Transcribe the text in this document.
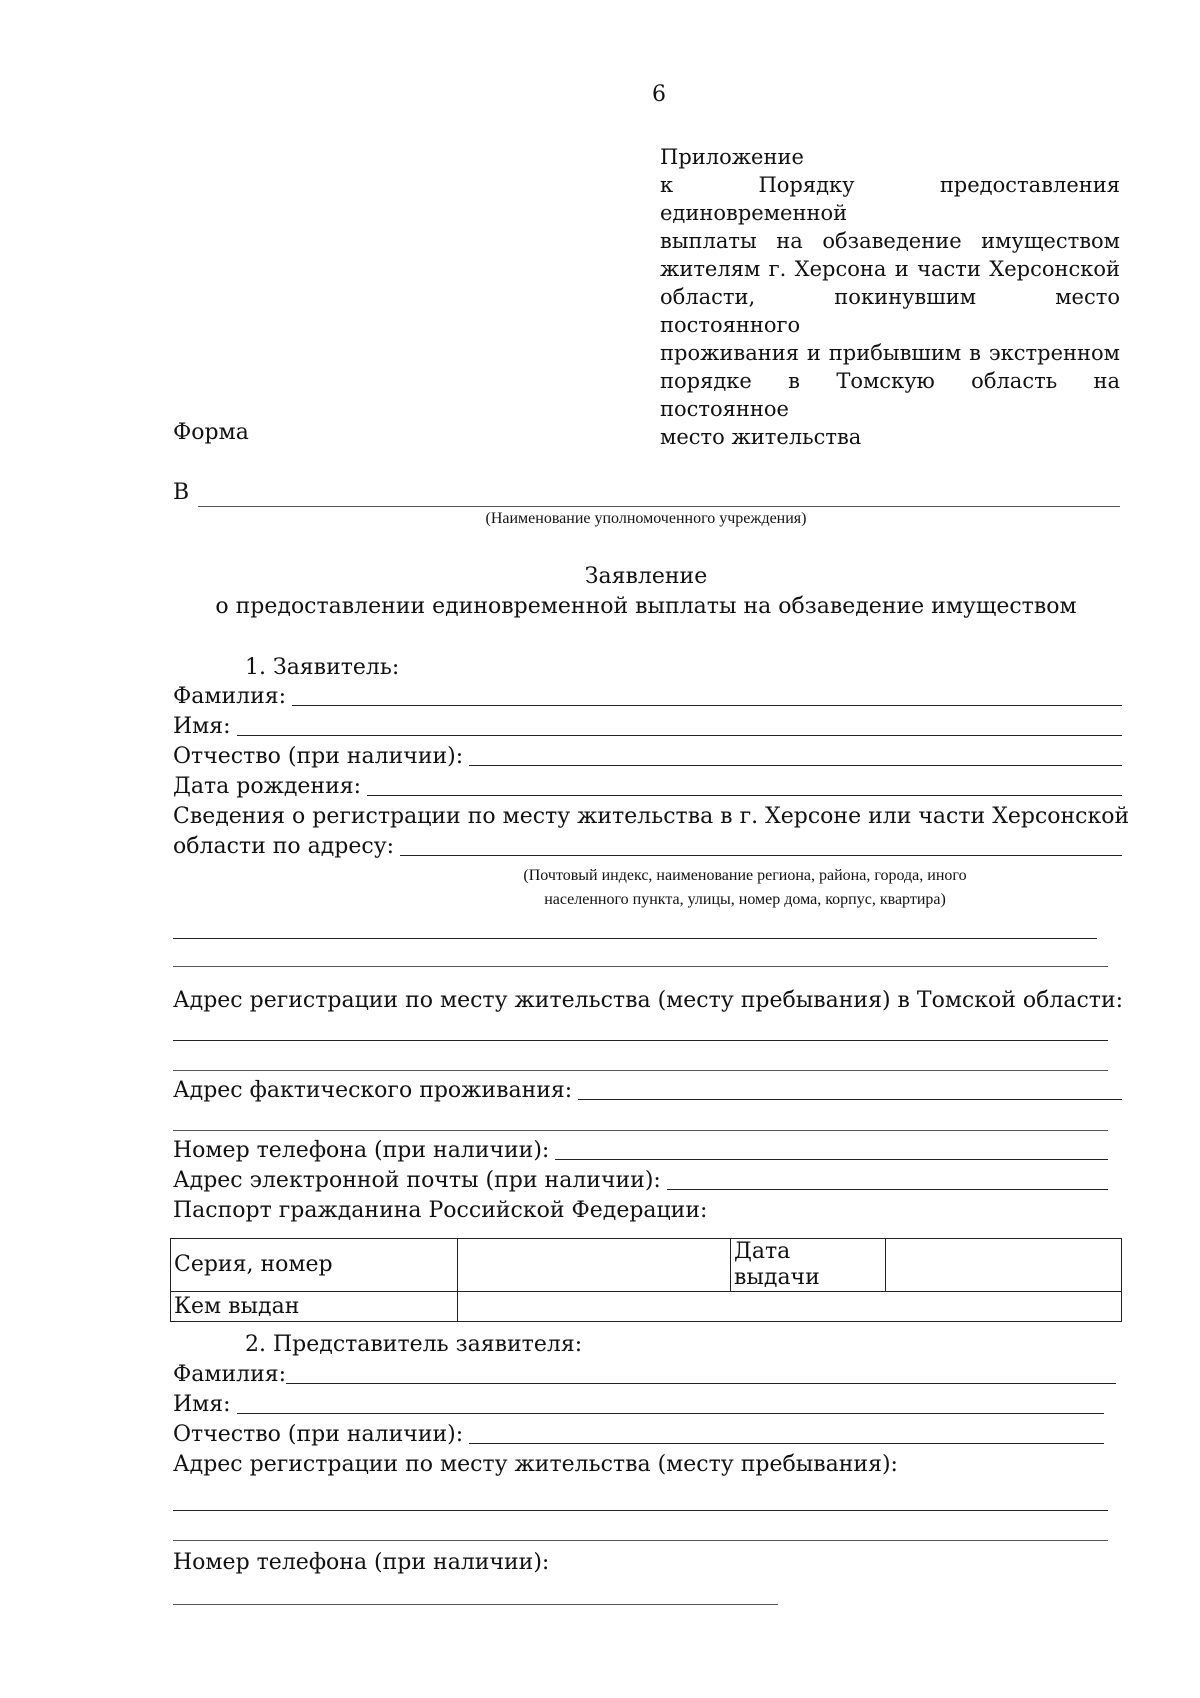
6
Приложение
к Порядку предоставления единовременной
выплаты на обзаведение имуществом
жителям г. Херсона и части Херсонской
области, покинувшим место постоянного
проживания и прибывшим в экстренном
порядке в Томскую область на постоянное
место жительства
Форма
В
(Наименование уполномоченного учреждения)
Заявление
о предоставлении единовременной выплаты на обзаведение имуществом
1. Заявитель:
Фамилия:
Имя:
Отчество (при наличии):
Дата рождения:
Сведения о регистрации по месту жительства в г. Херсоне или части Херсонской
области по адресу:
(Почтовый индекс, наименование региона, района, города, иного
населенного пункта, улицы, номер дома, корпус, квартира)
Адрес регистрации по месту жительства (месту пребывания) в Томской области:
Адрес фактического проживания:
Номер телефона (при наличии):
Адрес электронной почты (при наличии):
Паспорт гражданина Российской Федерации:
Серия, номер		Дата выдачи	
Кем выдан			
2. Представитель заявителя:
Фамилия:
Имя:
Отчество (при наличии):
Адрес регистрации по месту жительства (месту пребывания):
Номер телефона (при наличии):
